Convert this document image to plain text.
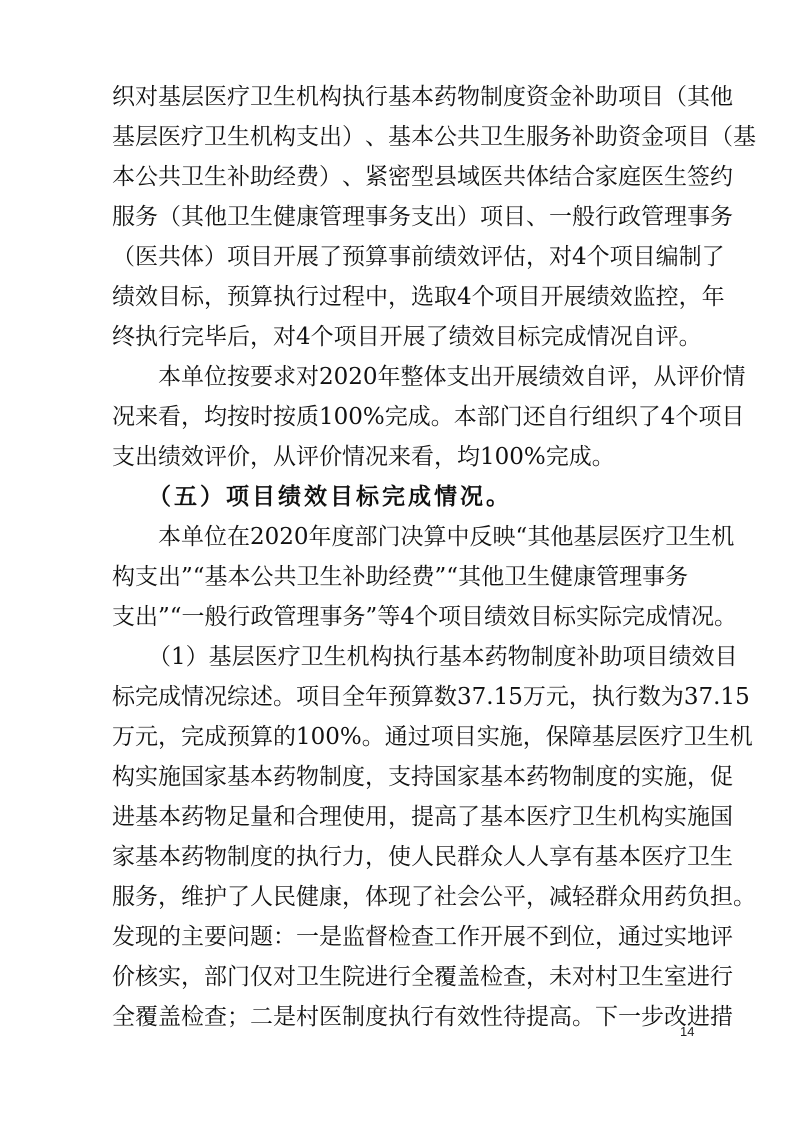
织 对 基 层 医 疗 卫 生 机 构 执 行 基 本 药 物 制 度 资 金 补 助 项 目 （ 其 他
基 层 医 疗 卫 生 机 构 支 出 ） 、 基 本 公 共 卫 生 服 务 补 助 资 金 项 目 （ 基
本 公 共 卫 生 补 助 经 费 ） 、 紧 密 型 县 域 医 共 体 结 合 家 庭 医 生 签 约
服 务 （ 其 他 卫 生 健 康 管 理 事 务 支 出 ） 项 目 、 一 般 行 政 管 理 事 务
（ 医 共 体 ） 项 目 开 展 了 预 算 事 前 绩 效 评 估 ， 对 4 个 项 目 编 制 了
绩 效 目 标 ， 预 算 执 行 过 程 中 ， 选 取 4 个 项 目 开 展 绩 效 监 控 ， 年
终 执 行 完 毕 后 ， 对 4 个 项 目 开 展 了 绩 效 目 标 完 成 情 况 自 评 。
本 单 位 按 要 求 对 2020 年 整 体 支 出 开 展 绩 效 自 评 ， 从 评 价 情
况 来 看 ， 均 按 时 按 质 100% 完 成 。 本 部 门 还 自 行 组 织 了 4 个 项 目
支 出 绩 效 评 价 ， 从 评 价 情 况 来 看 ， 均 100% 完 成 。
（五）项目绩效目标完成情况。
本 单 位 在 2020 年 度 部 门 决 算 中 反 映 “ 其 他 基 层 医 疗 卫 生 机
构 支 出 ” “ 基 本 公 共 卫 生 补 助 经 费 ” “ 其 他 卫 生 健 康 管 理 事 务
支 出 ” “ 一 般 行 政 管 理 事 务 ” 等 4 个 项 目 绩 效 目 标 实 际 完 成 情 况 。
（ 1 ） 基 层 医 疗 卫 生 机 构 执 行 基 本 药 物 制 度 补 助 项 目 绩 效 目
标 完 成 情 况 综 述 。 项 目 全 年 预 算 数 37.15 万 元 ， 执 行 数 为 37.15
万 元 ， 完 成 预 算 的 100% 。 通 过 项 目 实 施 ， 保 障 基 层 医 疗 卫 生 机
构 实 施 国 家 基 本 药 物 制 度 ， 支 持 国 家 基 本 药 物 制 度 的 实 施 ， 促
进 基 本 药 物 足 量 和 合 理 使 用 ， 提 高 了 基 本 医 疗 卫 生 机 构 实 施 国
家 基 本 药 物 制 度 的 执 行 力 ， 使 人 民 群 众 人 人 享 有 基 本 医 疗 卫 生
服 务 ， 维 护 了 人 民 健 康 ， 体 现 了 社 会 公 平 ， 减 轻 群 众 用 药 负 担 。
发 现 的 主 要 问 题 ： 一 是 监 督 检 查 工 作 开 展 不 到 位 ， 通 过 实 地 评
价 核 实 ， 部 门 仅 对 卫 生 院 进 行 全 覆 盖 检 查 ， 未 对 村 卫 生 室 进 行
全 覆 盖 检 查 ； 二 是 村 医 制 度 执 行 有 效 性 待 提 高 。 下 一 步 改 进 措
14
